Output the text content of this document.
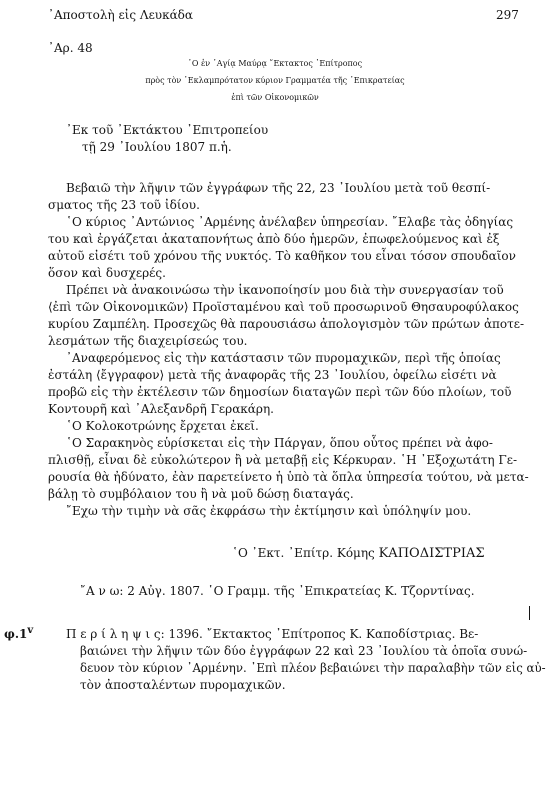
᾿Αποστολὴ εἰς Λευκάδα	297
᾿Αρ. 48
῾Ο ἐν ῾Αγίᾳ Μαύρᾳ ῎Εκτακτος ᾿Επίτροπος
πρὸς τὸν ᾿Εκλαμπρότατον κύριον Γραμματέα τῆς ᾿Επικρατείας
ἐπὶ τῶν Οἰκονομικῶν
᾿Εκ τοῦ ᾿Εκτάκτου ᾿Επιτροπείου
τῇ 29 ᾿Ιουλίου 1807 π.ἡ.
Βεβαιῶ τὴν λῆψιν τῶν ἐγγράφων τῆς 22, 23 ᾿Ιουλίου μετὰ τοῦ θεσπί-
σματος τῆς 23 τοῦ ἰδίου.
῾Ο κύριος ᾿Αντώνιος ᾿Αρμένης ἀνέλαβεν ὑπηρεσίαν. ῎Ελαβε τὰς ὀδηγίας
του καὶ ἐργάζεται ἀκαταπονήτως ἀπὸ δύο ἡμερῶν, ἐπωφελούμενος καὶ ἐξ
αὐτοῦ εἰσέτι τοῦ χρόνου τῆς νυκτός. Τὸ καθῆκον του εἶναι τόσον σπουδαῖον
ὅσον καὶ δυσχερές.
Πρέπει νὰ ἀνακοινώσω τὴν ἱκανοποίησίν μου διὰ τὴν συνεργασίαν τοῦ
⟨ἐπὶ τῶν Οἰκονομικῶν⟩ Προϊσταμένου καὶ τοῦ προσωρινοῦ Θησαυροφύλακος
κυρίου Ζαμπέλη. Προσεχῶς θὰ παρουσιάσω ἀπολογισμὸν τῶν πρώτων ἀποτε-
λεσμάτων τῆς διαχειρίσεώς του.
᾿Αναφερόμενος εἰς τὴν κατάστασιν τῶν πυρομαχικῶν, περὶ τῆς ὁποίας
ἐστάλη ⟨ἔγγραφον⟩ μετὰ τῆς ἀναφορᾶς τῆς 23 ᾿Ιουλίου, ὀφείλω εἰσέτι νὰ
προβῶ εἰς τὴν ἐκτέλεσιν τῶν δημοσίων διαταγῶν περὶ τῶν δύο πλοίων, τοῦ
Κοντουρῆ καὶ ᾿Αλεξανδρῆ Γερακάρη.
῾Ο Κολοκοτρώνης ἔρχεται ἐκεῖ.
῾Ο Σαρακηνὸς εὑρίσκεται εἰς τὴν Πάργαν, ὅπου οὗτος πρέπει νὰ ἀφο-
πλισθῇ, εἶναι δὲ εὐκολώτερον ἢ νὰ μεταβῇ εἰς Κέρκυραν. ῾Η ᾿Εξοχωτάτη Γε-
ρουσία θὰ ἠδύνατο, ἐὰν παρετείνετο ἡ ὑπὸ τὰ ὅπλα ὑπηρεσία τούτου, νὰ μετα-
βάλῃ τὸ συμβόλαιον του ἢ νὰ μοῦ δώσῃ διαταγάς.
῎Εχω τὴν τιμὴν νὰ σᾶς ἐκφράσω τὴν ἐκτίμησιν καὶ ὑπόληψίν μου.
῾Ο ᾿Εκτ. ᾿Επίτρ. Κόμης ΚΑΠΟΔΙΣΤΡΙΑΣ
῎Α ν ω: 2 Αὐγ. 1807. ῾Ο Γραμμ. τῆς ᾿Επικρατείας Κ. Τζορντίνας.
φ.1$^v$	Π ε ρ ί λ η ψ ι ς: 1396. ῎Εκτακτος ᾿Επίτροπος Κ. Καποδίστριας. Βε-
βαιώνει τὴν λῆψιν τῶν δύο ἐγγράφων 22 καὶ 23 ᾿Ιουλίου τὰ ὁποῖα συνώ-
δευον τὸν κύριον ᾿Αρμένην. ᾿Επὶ πλέον βεβαιώνει τὴν παραλαβὴν τῶν εἰς αὐ-
τὸν ἀποσταλέντων πυρομαχικῶν.
